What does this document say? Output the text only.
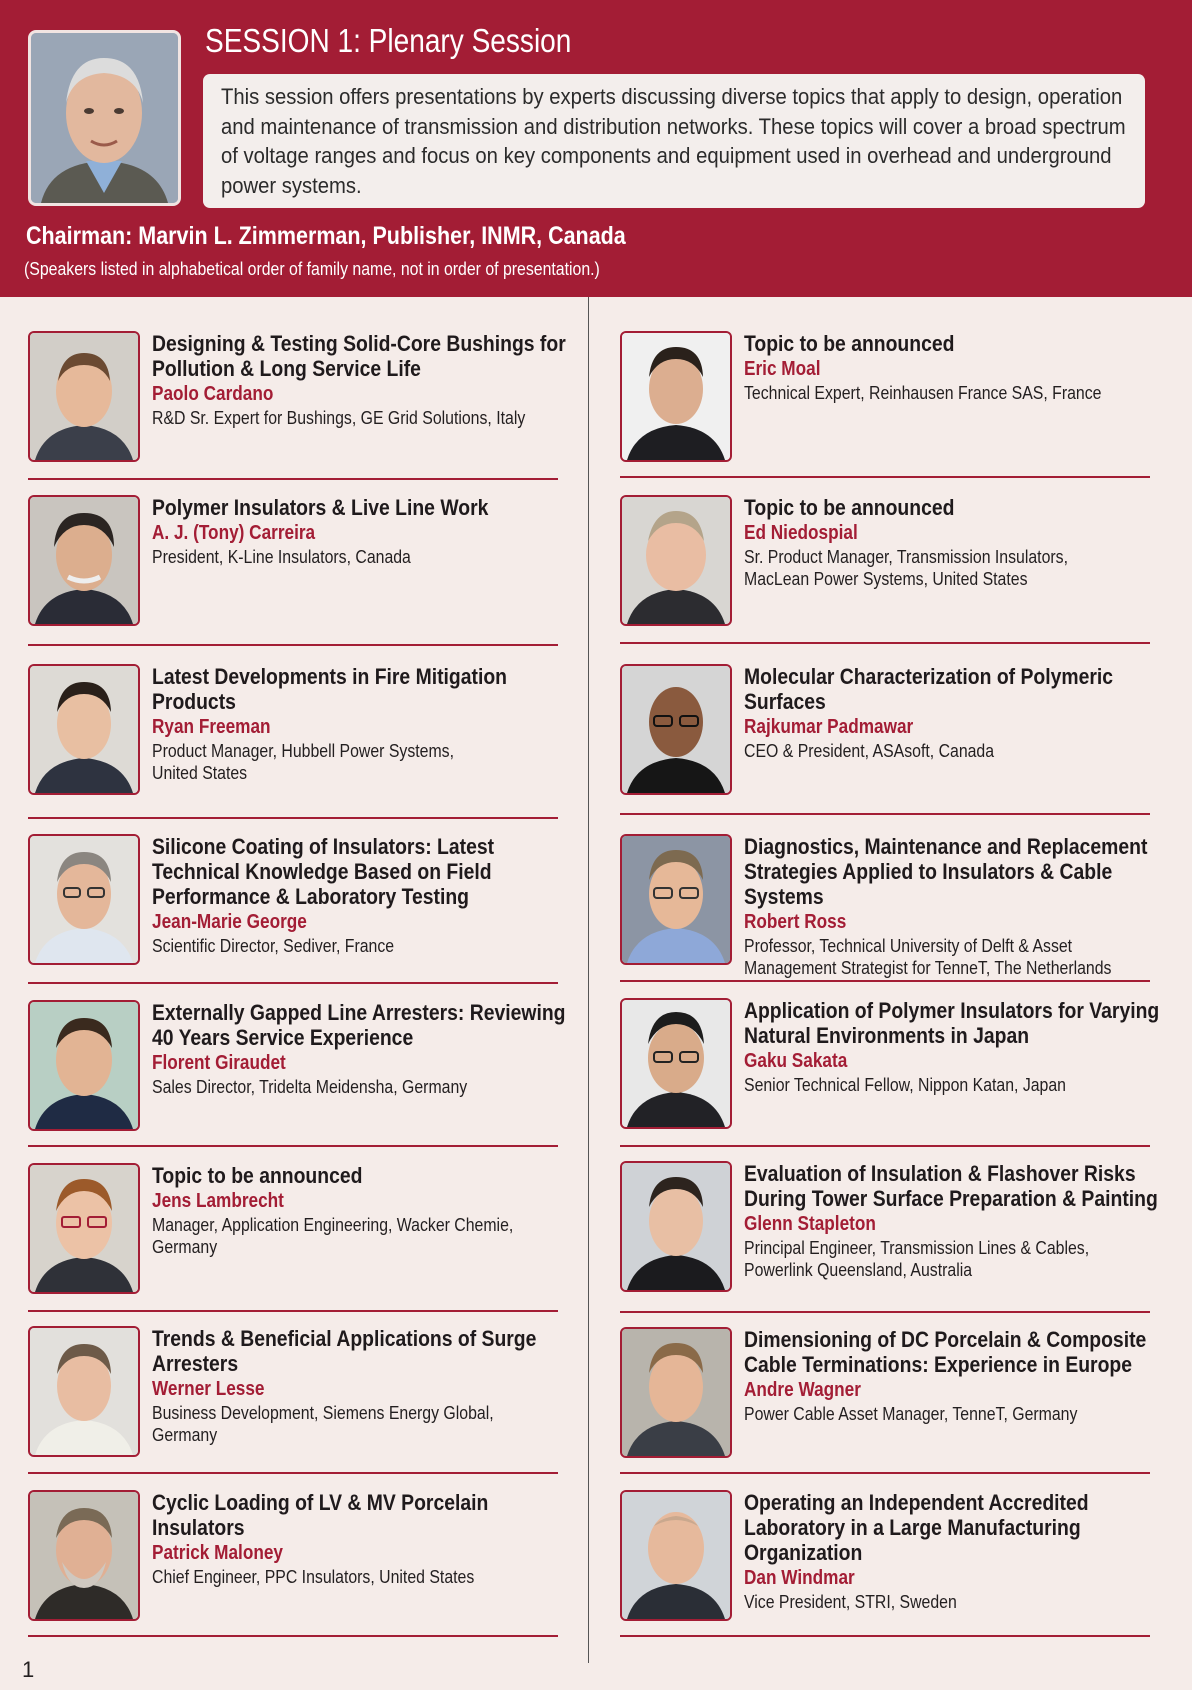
SESSION 1: Plenary Session
This session offers presentations by experts discussing diverse topics that apply to design, operation and maintenance of transmission and distribution networks. These topics will cover a broad spectrum of voltage ranges and focus on key components and equipment used in overhead and underground power systems.
Chairman: Marvin L. Zimmerman, Publisher, INMR, Canada
(Speakers listed in alphabetical order of family name, not in order of presentation.)
Designing & Testing Solid-Core Bushings for Pollution & Long Service Life
Paolo Cardano
R&D Sr. Expert for Bushings, GE Grid Solutions, Italy
Polymer Insulators & Live Line Work
A. J. (Tony) Carreira
President, K-Line Insulators, Canada
Latest Developments in Fire Mitigation Products
Ryan Freeman
Product Manager, Hubbell Power Systems,
United States
Silicone Coating of Insulators: Latest Technical Knowledge Based on Field Performance & Laboratory Testing
Jean-Marie George
Scientific Director, Sediver, France
Externally Gapped Line Arresters: Reviewing 40 Years Service Experience
Florent Giraudet
Sales Director, Tridelta Meidensha, Germany
Topic to be announced
Jens Lambrecht
Manager, Application Engineering, Wacker Chemie,
Germany
Trends & Beneficial Applications of Surge Arresters
Werner Lesse
Business Development, Siemens Energy Global,
Germany
Cyclic Loading of LV & MV Porcelain Insulators
Patrick Maloney
Chief Engineer, PPC Insulators, United States
Topic to be announced
Eric Moal
Technical Expert, Reinhausen France SAS, France
Topic to be announced
Ed Niedospial
Sr. Product Manager, Transmission Insulators,
MacLean Power Systems, United States
Molecular Characterization of Polymeric Surfaces
Rajkumar Padmawar
CEO & President, ASAsoft, Canada
Diagnostics, Maintenance and Replacement Strategies Applied to Insulators & Cable Systems
Robert Ross
Professor, Technical University of Delft & Asset
Management Strategist for TenneT, The Netherlands
Application of Polymer Insulators for Varying Natural Environments in Japan
Gaku Sakata
Senior Technical Fellow, Nippon Katan, Japan
Evaluation of Insulation & Flashover Risks During Tower Surface Preparation & Painting
Glenn Stapleton
Principal Engineer, Transmission Lines & Cables,
Powerlink Queensland, Australia
Dimensioning of DC Porcelain & Composite Cable Terminations: Experience in Europe
Andre Wagner
Power Cable Asset Manager, TenneT, Germany
Operating an Independent Accredited Laboratory in a Large Manufacturing Organization
Dan Windmar
Vice President, STRI, Sweden
1
